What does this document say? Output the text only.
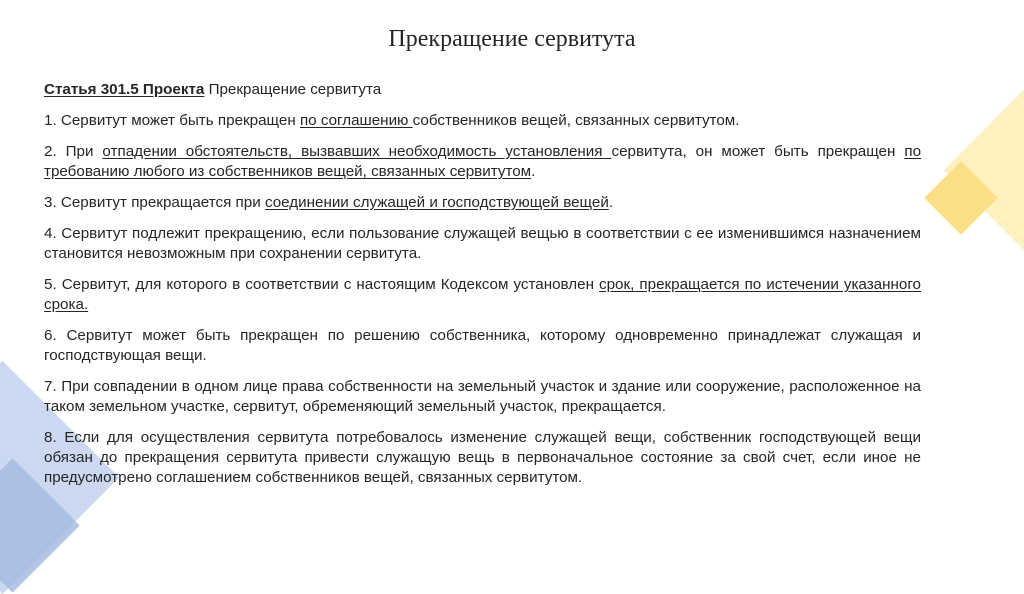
Прекращение сервитута

Статья 301.5 Проекта Прекращение сервитута

1. Сервитут может быть прекращен по соглашению собственников вещей, связанных сервитутом.

2. При отпадении обстоятельств, вызвавших необходимость установления сервитута, он может быть прекращен по требованию любого из собственников вещей, связанных сервитутом.

3. Сервитут прекращается при соединении служащей и господствующей вещей.

4. Сервитут подлежит прекращению, если пользование служащей вещью в соответствии с ее изменившимся назначением становится невозможным при сохранении сервитута.

5. Сервитут, для которого в соответствии с настоящим Кодексом установлен срок, прекращается по истечении указанного срока.

6. Сервитут может быть прекращен по решению собственника, которому одновременно принадлежат служащая и господствующая вещи.

7. При совпадении в одном лице права собственности на земельный участок и здание или сооружение, расположенное на таком земельном участке, сервитут, обременяющий земельный участок, прекращается.

8. Если для осуществления сервитута потребовалось изменение служащей вещи, собственник господствующей вещи обязан до прекращения сервитута привести служащую вещь в первоначальное состояние за свой счет, если иное не предусмотрено соглашением собственников вещей, связанных сервитутом.
